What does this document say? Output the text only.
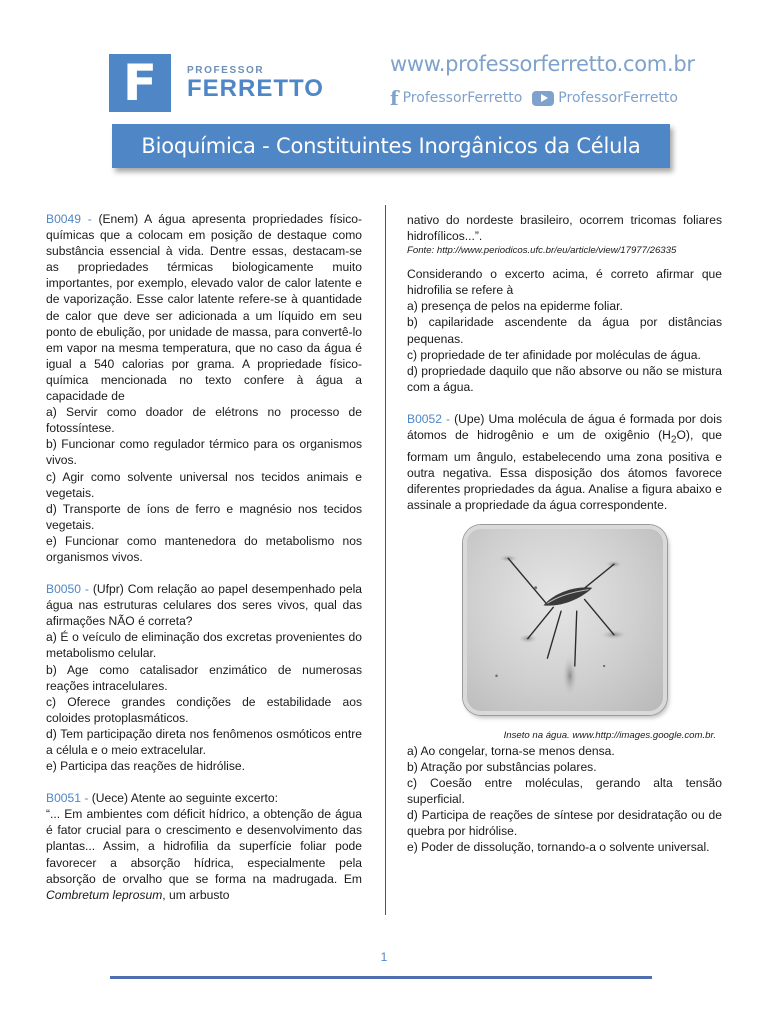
F	PROFESSOR
FERRETTO
www.professorferretto.com.br
f ProfessorFerretto	ProfessorFerretto
Bioquímica - Constituintes Inorgânicos da Célula

B0049 - (Enem) A água apresenta propriedades físico-químicas que a colocam em posição de destaque como substância essencial à vida. Dentre essas, destacam-se as propriedades térmicas biologicamente muito importantes, por exemplo, elevado valor de calor latente e de vaporização. Esse calor latente refere-se à quantidade de calor que deve ser adicionada a um líquido em seu ponto de ebulição, por unidade de massa, para convertê-lo em vapor na mesma temperatura, que no caso da água é igual a 540 calorias por grama. A propriedade físico-química mencionada no texto confere à água a capacidade de

a) Servir como doador de elétrons no processo de fotossíntese.

b) Funcionar como regulador térmico para os organismos vivos.

c) Agir como solvente universal nos tecidos animais e vegetais.

d) Transporte de íons de ferro e magnésio nos tecidos vegetais.

e) Funcionar como mantenedora do metabolismo nos organismos vivos.

B0050 - (Ufpr) Com relação ao papel desempenhado pela água nas estruturas celulares dos seres vivos, qual das afirmações NÃO é correta?

a) É o veículo de eliminação dos excretas provenientes do metabolismo celular.

b) Age como catalisador enzimático de numerosas reações intracelulares.

c) Oferece grandes condições de estabilidade aos coloides protoplasmáticos.

d) Tem participação direta nos fenômenos osmóticos entre a célula e o meio extracelular.

e) Participa das reações de hidrólise.

B0051 - (Uece) Atente ao seguinte excerto:

“... Em ambientes com déficit hídrico, a obtenção de água é fator crucial para o crescimento e desenvolvimento das plantas... Assim, a hidrofilia da superfície foliar pode favorecer a absorção hídrica, especialmente pela absorção de orvalho que se forma na madrugada. Em Combretum leprosum, um arbusto

nativo do nordeste brasileiro, ocorrem tricomas foliares hidrofílicos...”.

Fonte: http://www.periodicos.ufc.br/eu/article/view/17977/26335

Considerando o excerto acima, é correto afirmar que hidrofilia se refere à

a) presença de pelos na epiderme foliar.

b) capilaridade ascendente da água por distâncias pequenas.

c) propriedade de ter afinidade por moléculas de água.

d) propriedade daquilo que não absorve ou não se mistura com a água.

B0052 - (Upe) Uma molécula de água é formada por dois átomos de hidrogênio e um de oxigênio $(H_2O)$, que formam um ângulo, estabelecendo uma zona positiva e outra negativa. Essa disposição dos átomos favorece diferentes propriedades da água. Analise a figura abaixo e assinale a propriedade da água correspondente.

Inseto na água. www.http://images.google.com.br.

a) Ao congelar, torna-se menos densa.

b) Atração por substâncias polares.

c) Coesão entre moléculas, gerando alta tensão superficial.

d) Participa de reações de síntese por desidratação ou de quebra por hidrólise.

e) Poder de dissolução, tornando-a o solvente universal.

1
